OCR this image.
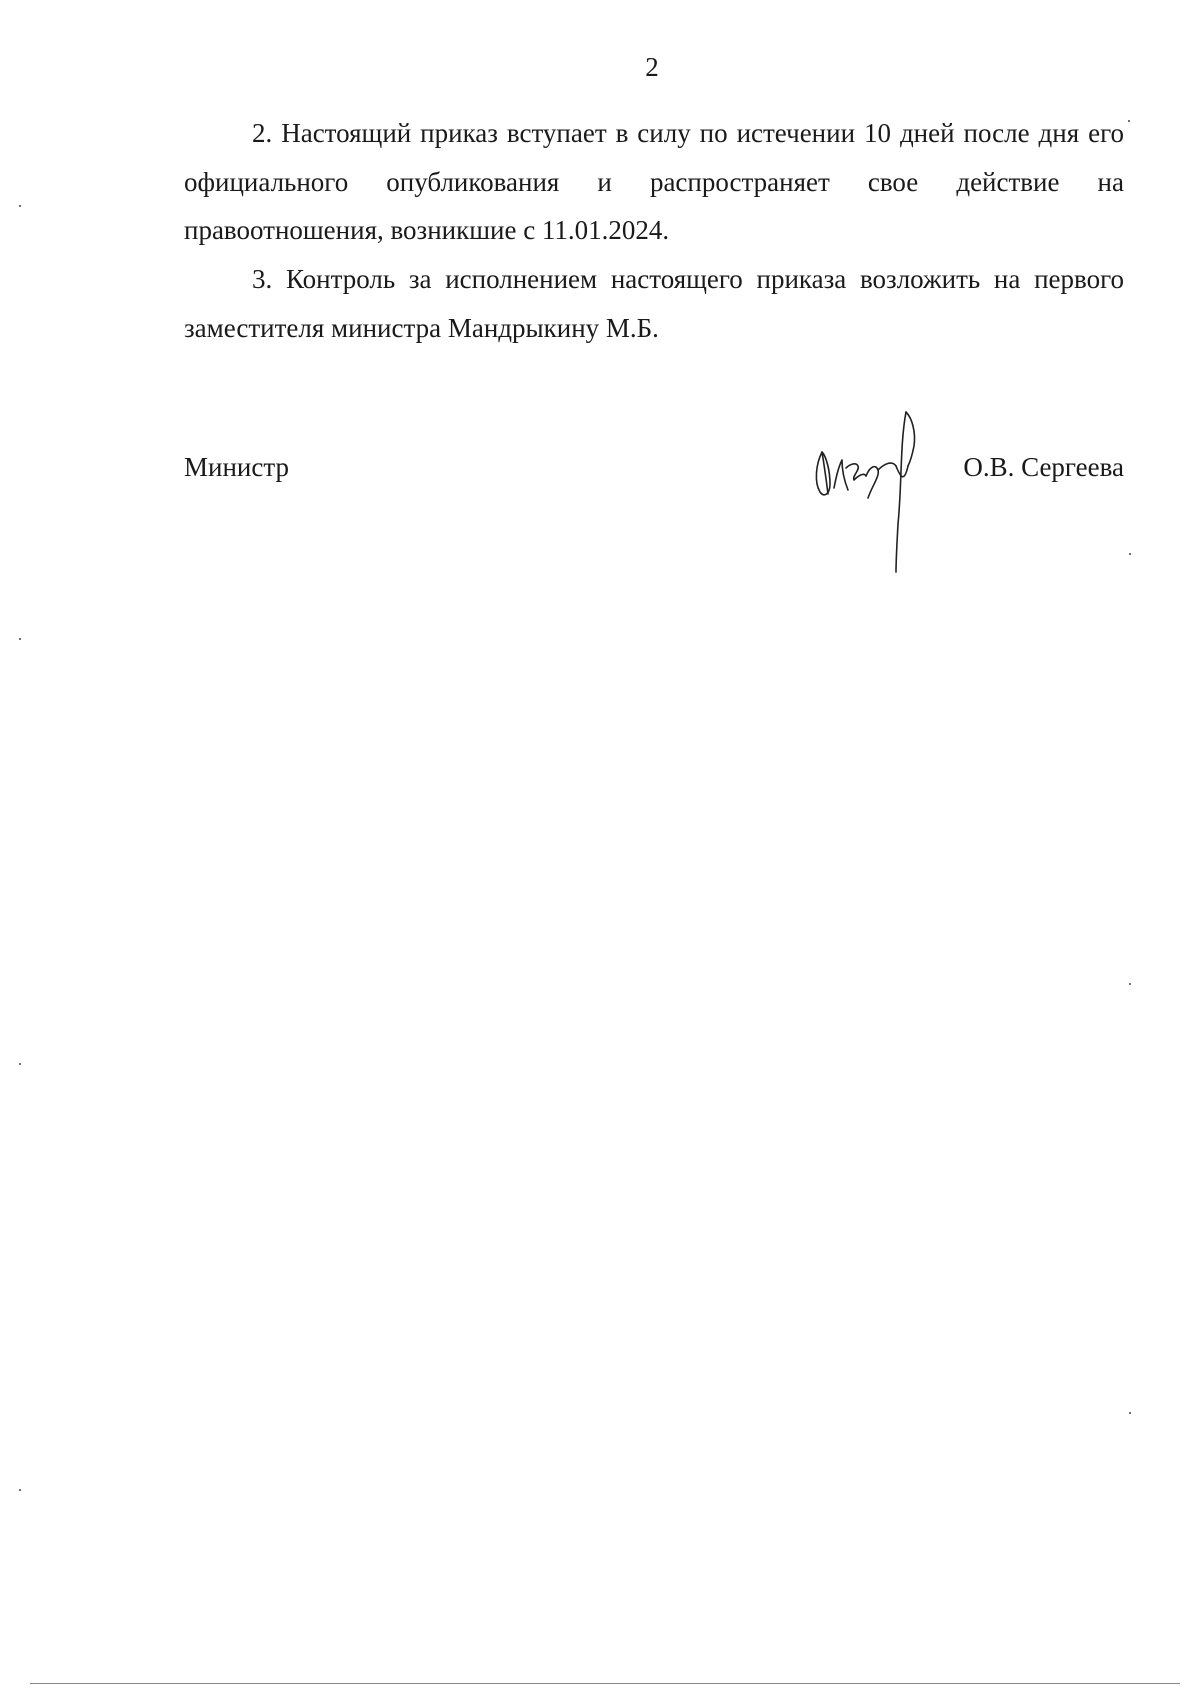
2

2. Настоящий приказ вступает в силу по истечении 10 дней после дня его официального опубликования и распространяет свое действие на правоотношения, возникшие с 11.01.2024.

3. Контроль за исполнением настоящего приказа возложить на первого заместителя министра Мандрыкину М.Б.

Министр	О.В. Сергеева
